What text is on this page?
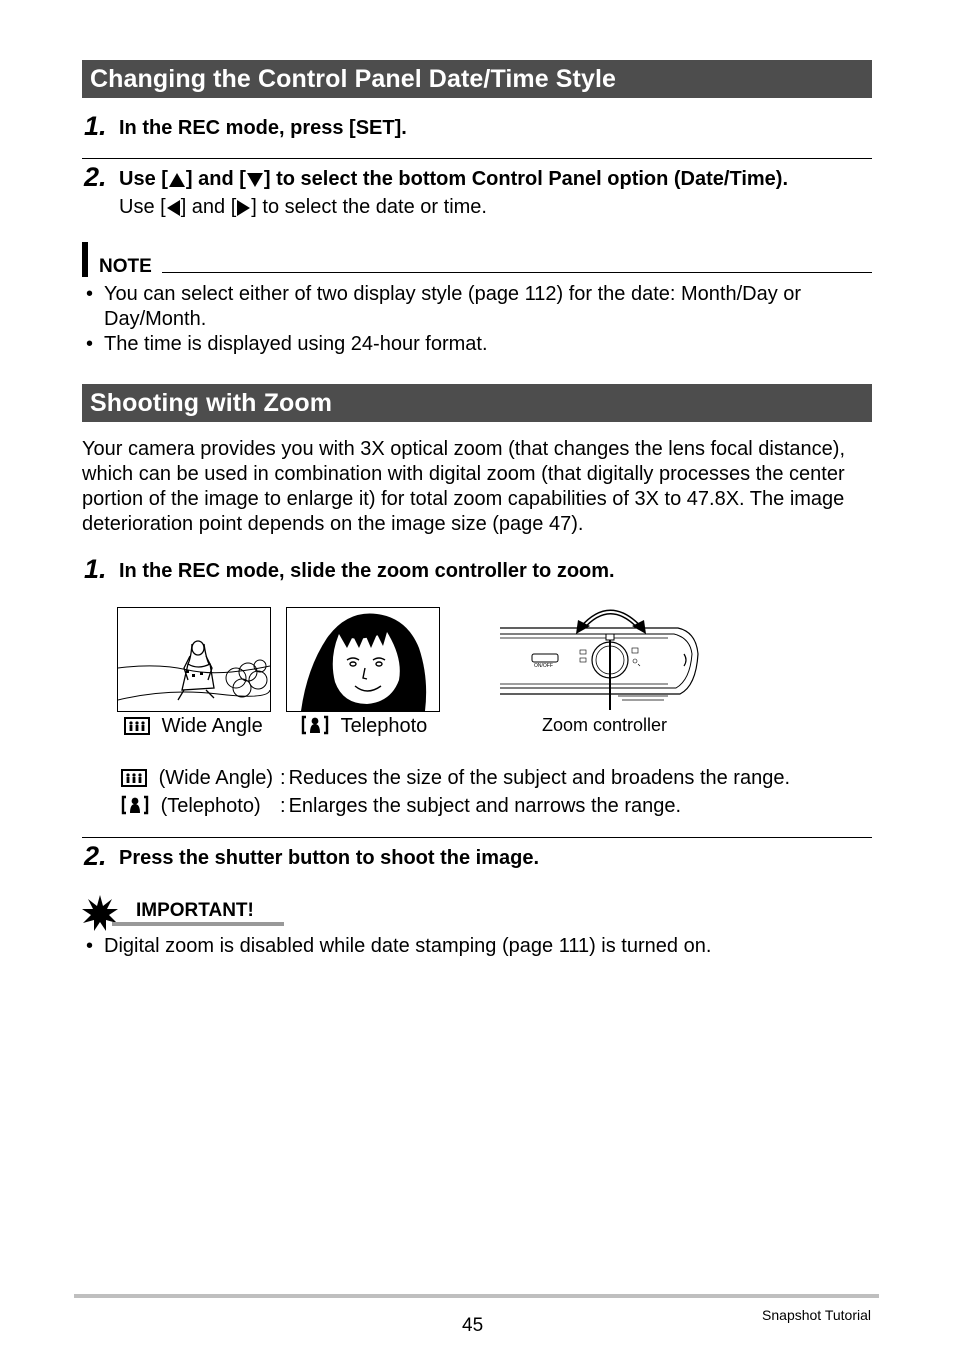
Changing the Control Panel Date/Time Style
1. In the REC mode, press [SET].
2. Use [ ] and [ ] to select the bottom Control Panel option (Date/Time).
Use [ ] and [ ] to select the date or time.
NOTE
• You can select either of two display style (page 112) for the date: Month/Day or Day/Month.
• The time is displayed using 24-hour format.
Shooting with Zoom
Your camera provides you with 3X optical zoom (that changes the lens focal distance), which can be used in combination with digital zoom (that digitally processes the center portion of the image to enlarge it) for total zoom capabilities of 3X to 47.8X. The image deterioration point depends on the image size (page 47).
1. In the REC mode, slide the zoom controller to zoom.
ON/OFF
Wide Angle	Telephoto	Zoom controller
(Wide Angle) : Reduces the size of the subject and broadens the range.
(Telephoto) : Enlarges the subject and narrows the range.
2. Press the shutter button to shoot the image.
IMPORTANT!
• Digital zoom is disabled while date stamping (page 111) is turned on.
45	Snapshot Tutorial
